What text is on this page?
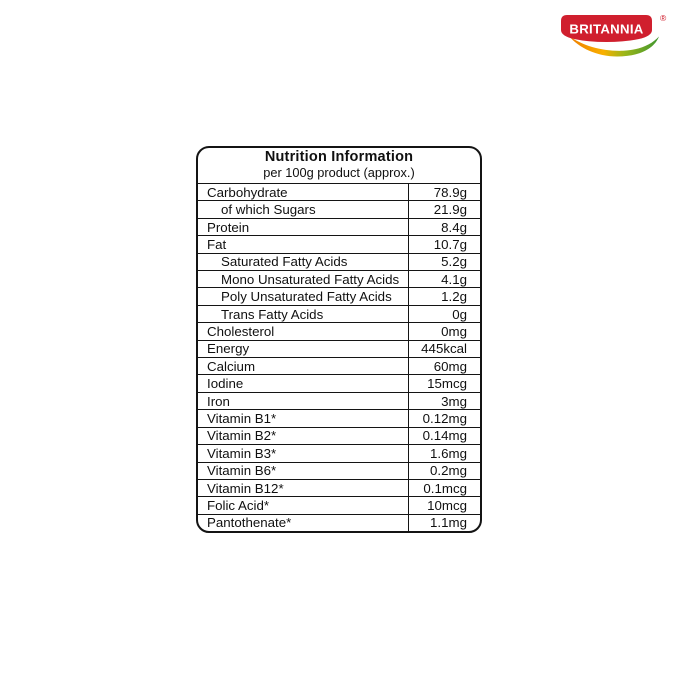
BRITANNIA
®
Nutrition Information
per 100g product (approx.)
Carbohydrate	78.9g
of which Sugars	21.9g
Protein	8.4g
Fat	10.7g
Saturated Fatty Acids	5.2g
Mono Unsaturated Fatty Acids	4.1g
Poly Unsaturated Fatty Acids	1.2g
Trans Fatty Acids	0g
Cholesterol	0mg
Energy	445kcal
Calcium	60mg
Iodine	15mcg
Iron	3mg
Vitamin B1*	0.12mg
Vitamin B2*	0.14mg
Vitamin B3*	1.6mg
Vitamin B6*	0.2mg
Vitamin B12*	0.1mcg
Folic Acid*	10mcg
Pantothenate*	1.1mg
